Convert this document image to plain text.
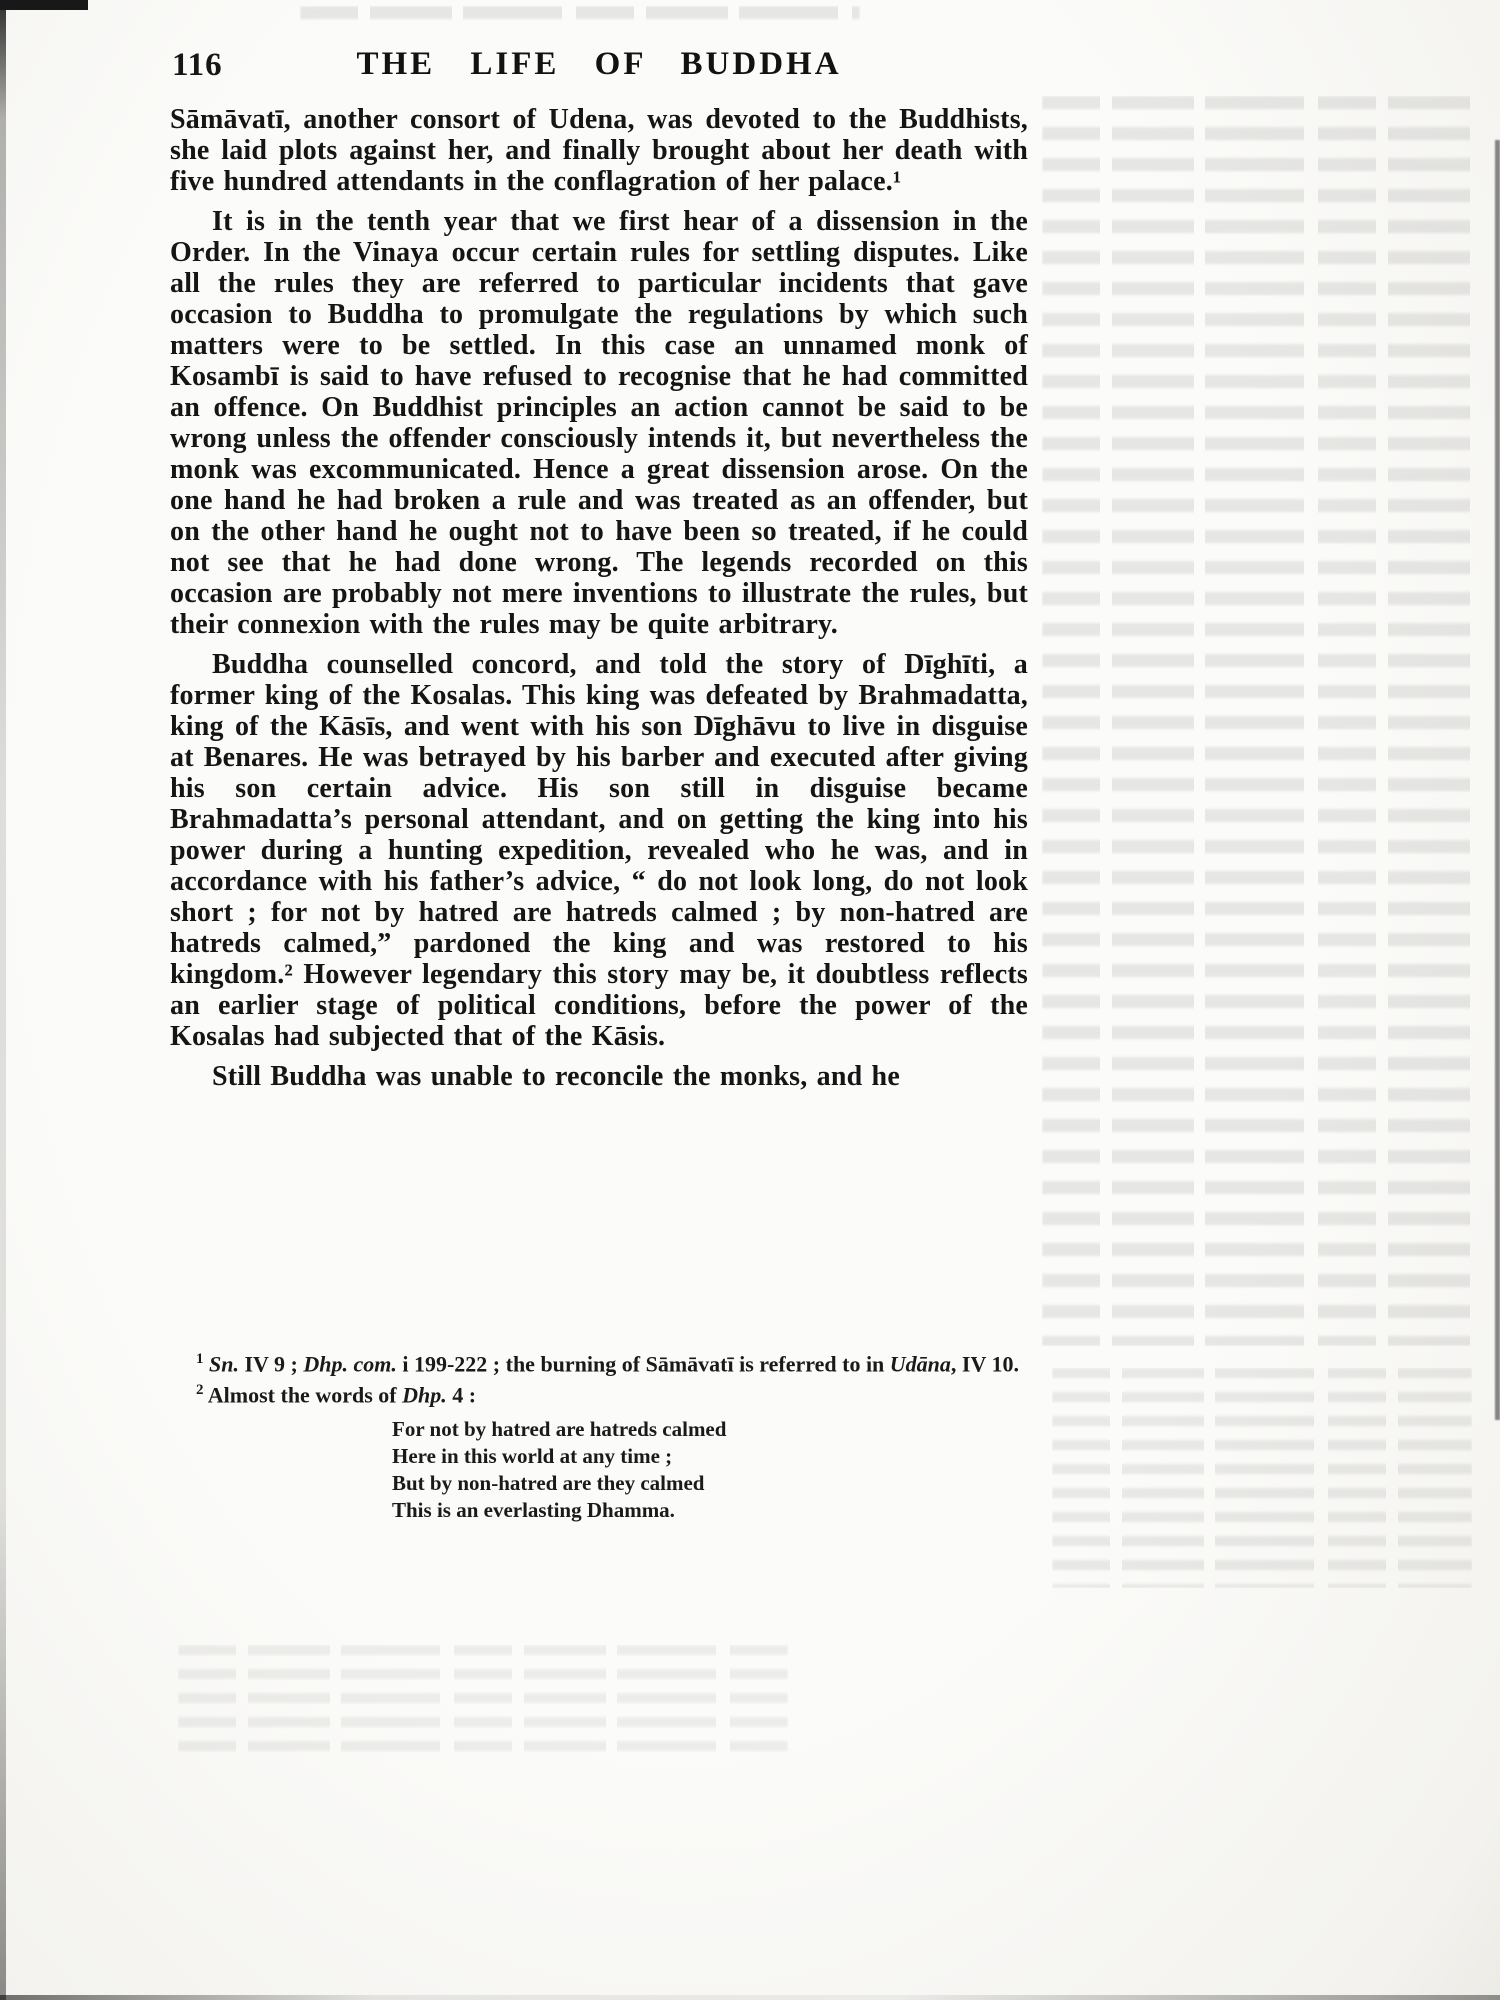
116	THE LIFE OF BUDDHA

Sāmāvatī, another consort of Udena, was devoted to the Buddhists, she laid plots against her, and finally brought about her death with five hundred attendants in the conflagration of her palace.¹

It is in the tenth year that we first hear of a dissension in the Order. In the Vinaya occur certain rules for settling disputes. Like all the rules they are referred to particular incidents that gave occasion to Buddha to promulgate the regulations by which such matters were to be settled. In this case an unnamed monk of Kosambī is said to have refused to recognise that he had committed an offence. On Buddhist principles an action cannot be said to be wrong unless the offender consciously intends it, but nevertheless the monk was excommunicated. Hence a great dissension arose. On the one hand he had broken a rule and was treated as an offender, but on the other hand he ought not to have been so treated, if he could not see that he had done wrong. The legends recorded on this occasion are probably not mere inventions to illustrate the rules, but their connexion with the rules may be quite arbitrary.

Buddha counselled concord, and told the story of Dīghīti, a former king of the Kosalas. This king was defeated by Brahmadatta, king of the Kāsīs, and went with his son Dīghāvu to live in disguise at Benares. He was betrayed by his barber and executed after giving his son certain advice. His son still in disguise became Brahmadatta’s personal attendant, and on getting the king into his power during a hunting expedition, revealed who he was, and in accordance with his father’s advice, “ do not look long, do not look short ; for not by hatred are hatreds calmed ; by non-hatred are hatreds calmed,” pardoned the king and was restored to his kingdom.² However legendary this story may be, it doubtless reflects an earlier stage of political conditions, before the power of the Kosalas had subjected that of the Kāsis.

Still Buddha was unable to reconcile the monks, and he

$^1$ Sn. IV 9 ; Dhp. com. i 199-222 ; the burning of Sāmāvatī is referred to in Udāna, IV 10.

$^2$ Almost the words of Dhp. 4 :

For not by hatred are hatreds calmed
Here in this world at any time ;
But by non-hatred are they calmed
This is an everlasting Dhamma.
